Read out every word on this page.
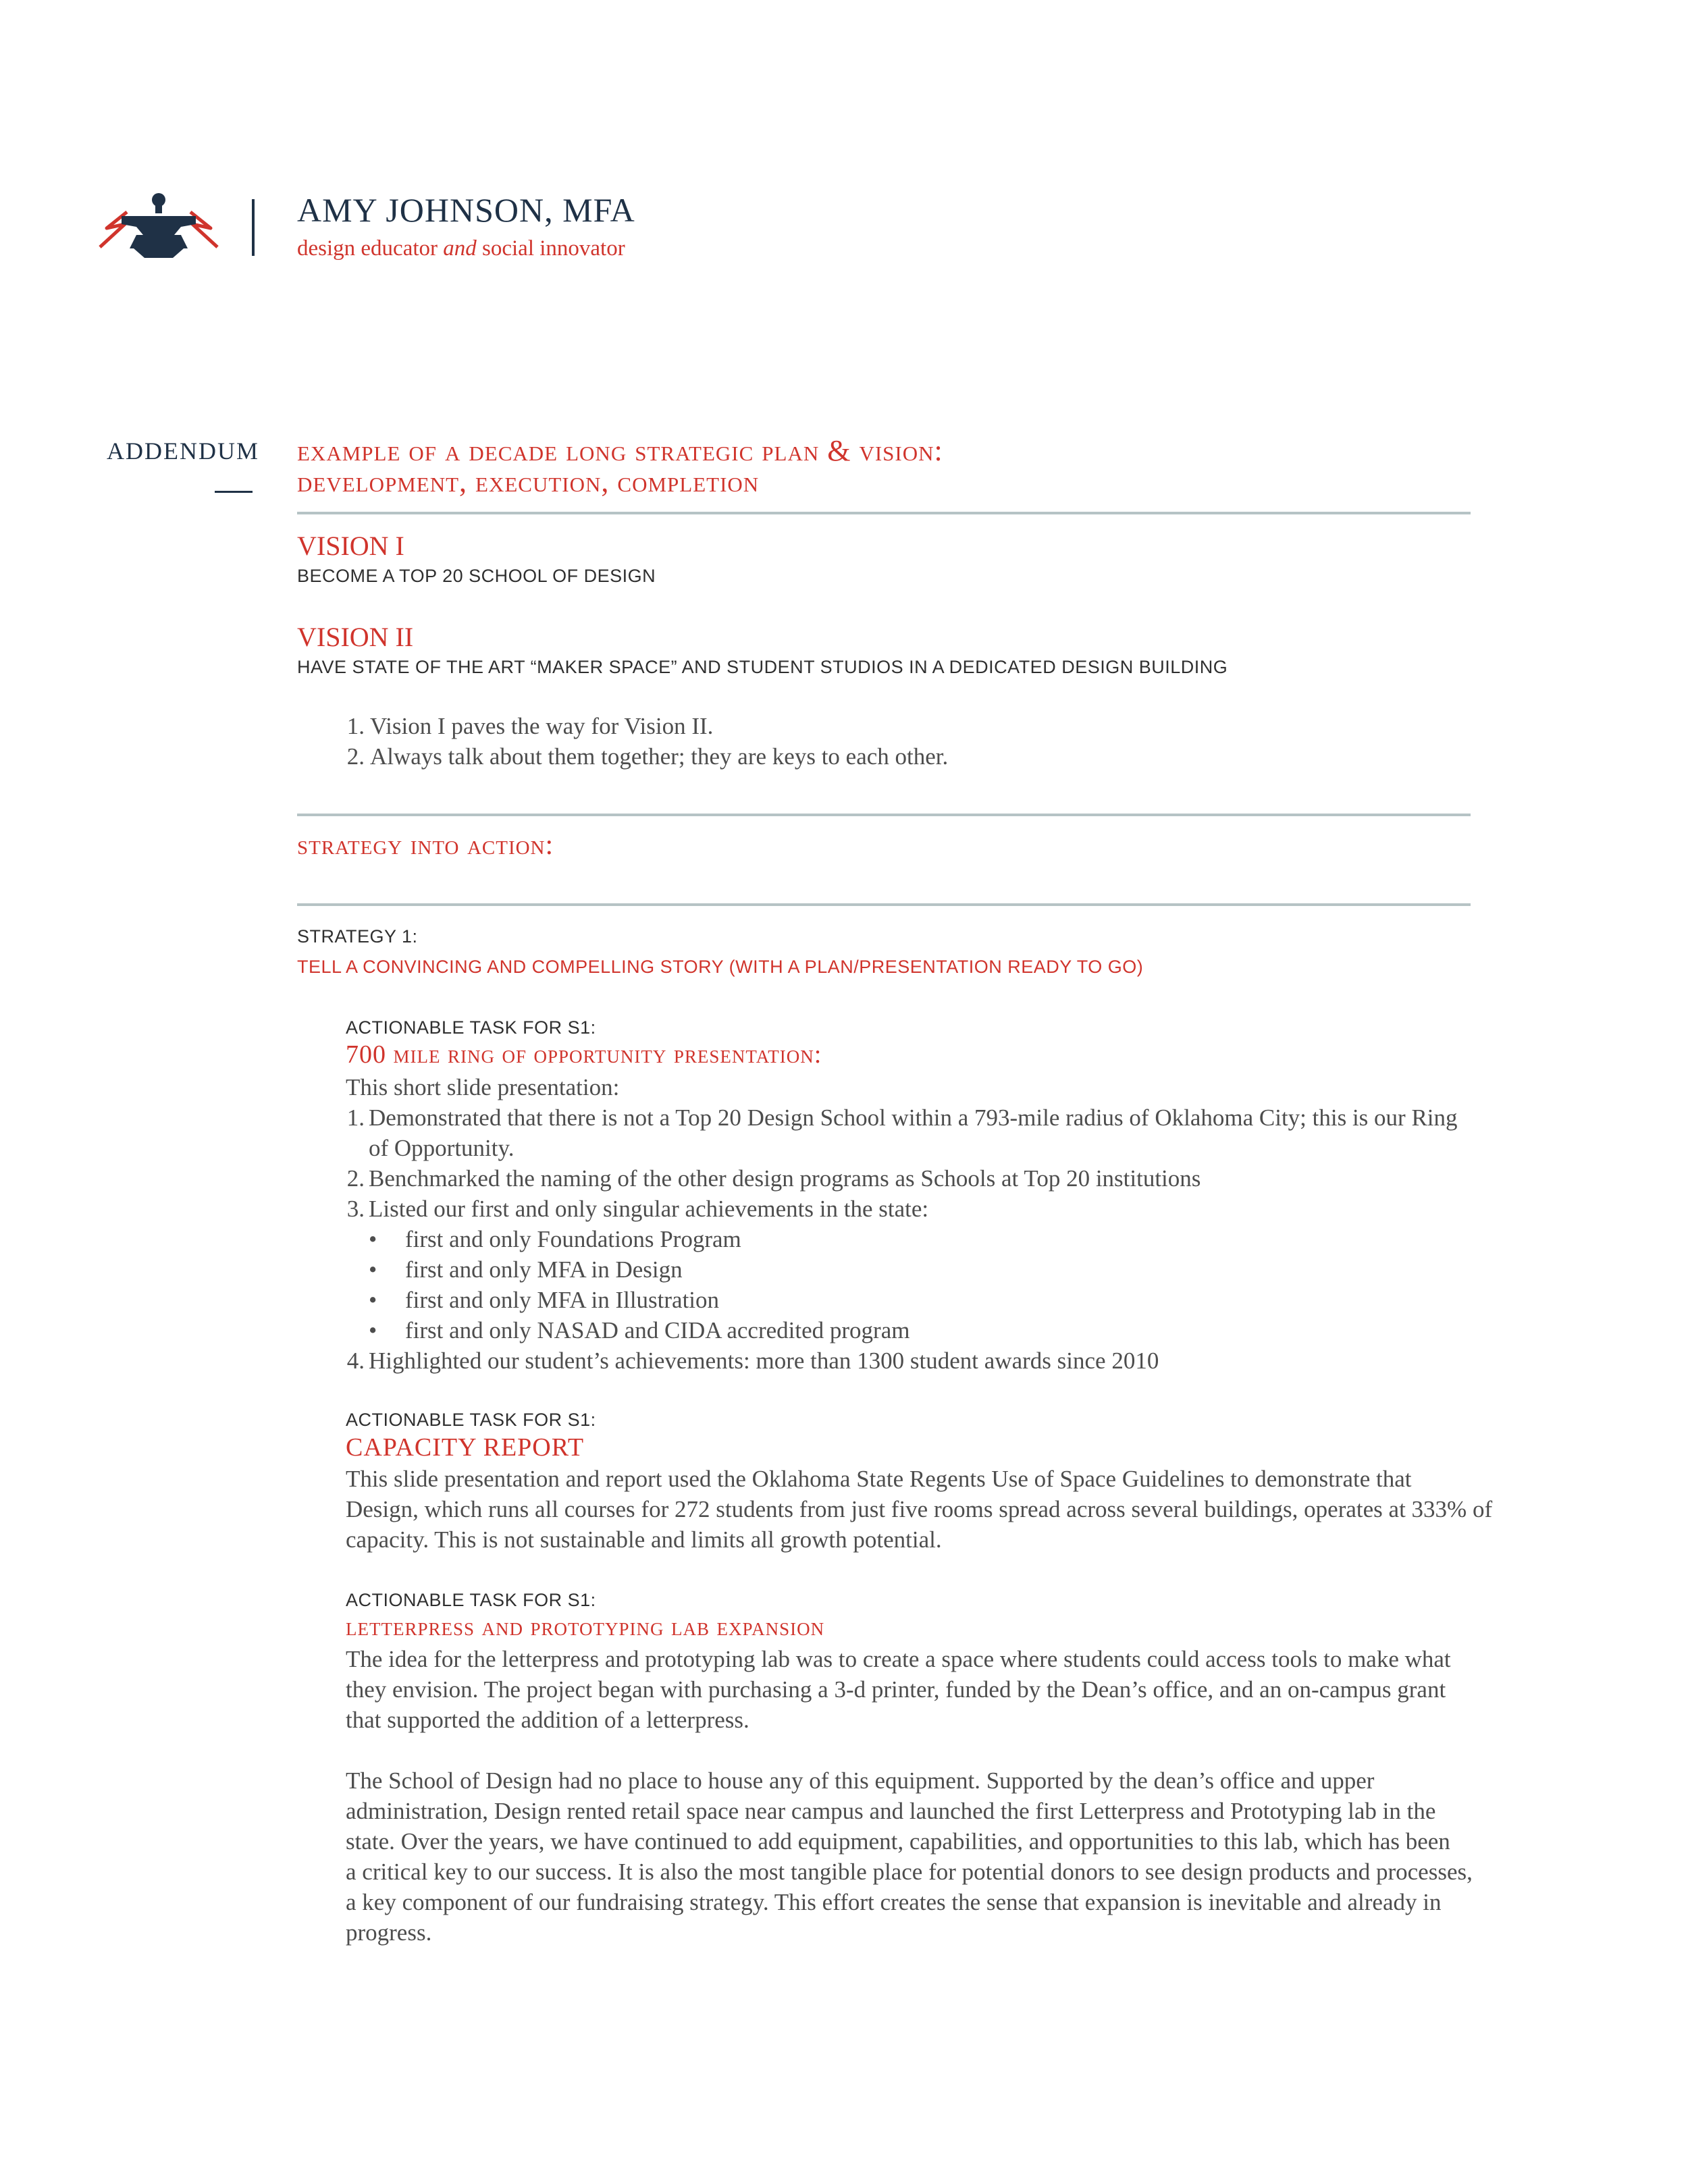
AMY JOHNSON, MFA
design educator and social innovator
ADDENDUM example of a decade long strategic plan & vision:
development, execution, completion
VISION I
BECOME A TOP 20 SCHOOL OF DESIGN
VISION II
HAVE STATE OF THE ART “MAKER SPACE” AND STUDENT STUDIOS IN A DEDICATED DESIGN BUILDING
1. Vision I paves the way for Vision II.
2. Always talk about them together; they are keys to each other.
strategy into action:
STRATEGY 1:
TELL A CONVINCING AND COMPELLING STORY (WITH A PLAN/PRESENTATION READY TO GO)
ACTIONABLE TASK FOR S1:
700 mile ring of opportunity presentation:
This short slide presentation:
1. Demonstrated that there is not a Top 20 Design School within a 793-mile radius of Oklahoma City; this is our Ring
of Opportunity.
2. Benchmarked the naming of the other design programs as Schools at Top 20 institutions
3. Listed our first and only singular achievements in the state:
• first and only Foundations Program
• first and only MFA in Design
• first and only MFA in Illustration
• first and only NASAD and CIDA accredited program
4. Highlighted our student’s achievements: more than 1300 student awards since 2010
ACTIONABLE TASK FOR S1:
CAPACITY REPORT
This slide presentation and report used the Oklahoma State Regents Use of Space Guidelines to demonstrate that
Design, which runs all courses for 272 students from just five rooms spread across several buildings, operates at 333% of
capacity. This is not sustainable and limits all growth potential.
ACTIONABLE TASK FOR S1:
letterpress and prototyping lab expansion
The idea for the letterpress and prototyping lab was to create a space where students could access tools to make what
they envision. The project began with purchasing a 3-d printer, funded by the Dean’s office, and an on-campus grant
that supported the addition of a letterpress.
The School of Design had no place to house any of this equipment. Supported by the dean’s office and upper
administration, Design rented retail space near campus and launched the first Letterpress and Prototyping lab in the
state. Over the years, we have continued to add equipment, capabilities, and opportunities to this lab, which has been
a critical key to our success. It is also the most tangible place for potential donors to see design products and processes,
a key component of our fundraising strategy. This effort creates the sense that expansion is inevitable and already in
progress.
